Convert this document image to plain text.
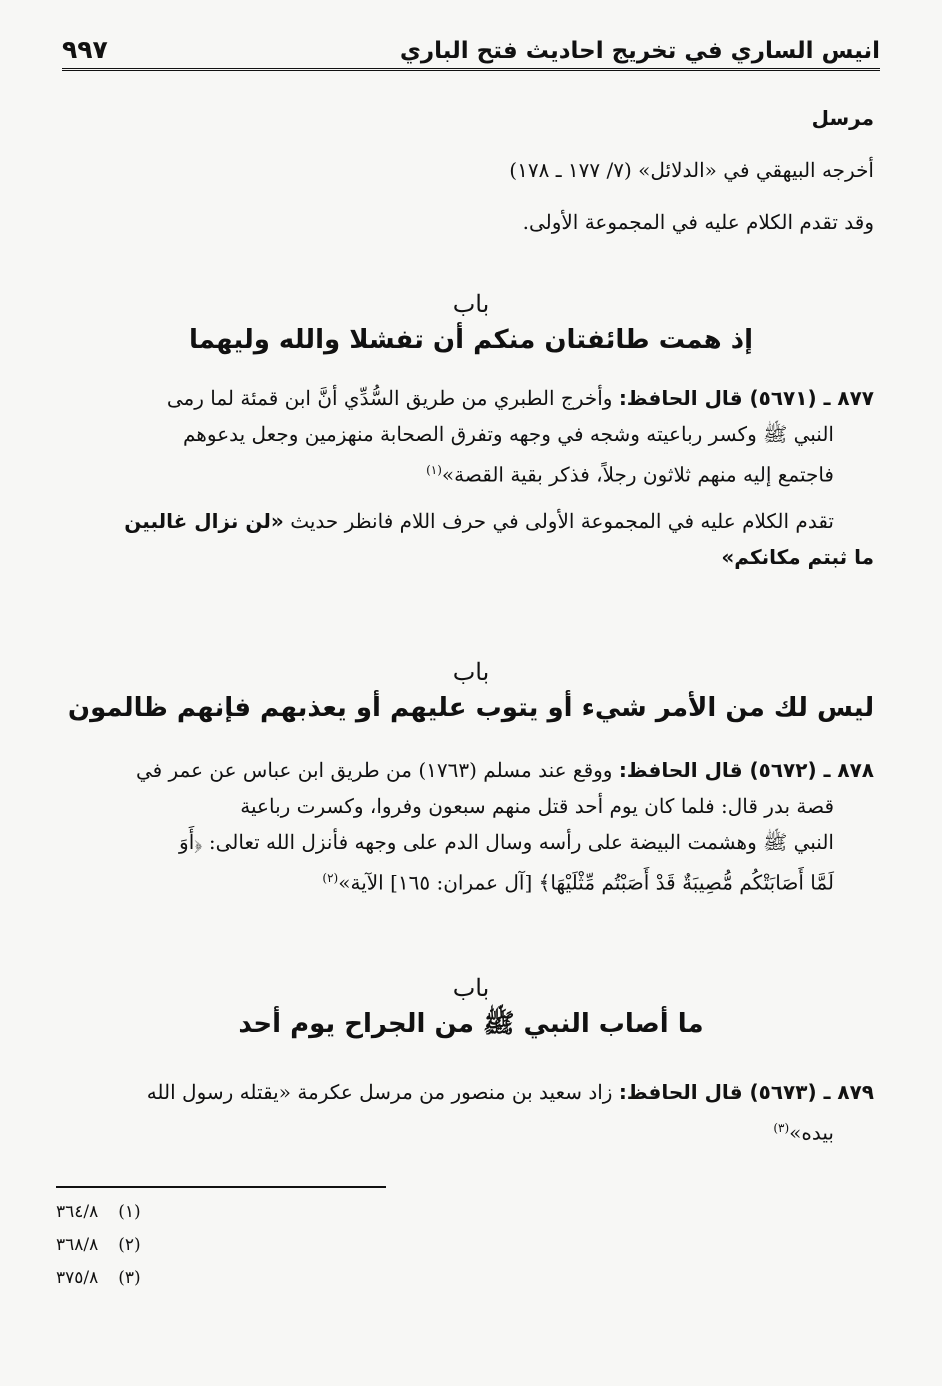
انيس الساري في تخريج احاديث فتح الباري
٩٩٧
مرسل
أخرجه البيهقي في «الدلائل» (٧/ ١٧٧ ـ ١٧٨)
وقد تقدم الكلام عليه في المجموعة الأولى.
باب
إذ همت طائفتان منكم أن تفشلا والله وليهما
٨٧٧ ـ (٥٦٧١) قال الحافظ: وأخرج الطبري من طريق السُّدِّي أنَّ ابن قمئة لما رمى
النبي ﷺ وكسر رباعيته وشجه في وجهه وتفرق الصحابة منهزمين وجعل يدعوهم
فاجتمع إليه منهم ثلاثون رجلاً، فذكر بقية القصة»$^{(١)}$
تقدم الكلام عليه في المجموعة الأولى في حرف اللام فانظر حديث «لن نزال غالبين
ما ثبتم مكانكم»
باب
ليس لك من الأمر شيء أو يتوب عليهم أو يعذبهم فإنهم ظالمون
٨٧٨ ـ (٥٦٧٢) قال الحافظ: ووقع عند مسلم (١٧٦٣) من طريق ابن عباس عن عمر في
قصة بدر قال: فلما كان يوم أحد قتل منهم سبعون وفروا، وكسرت رباعية
النبي ﷺ وهشمت البيضة على رأسه وسال الدم على وجهه فأنزل الله تعالى: ﴿أَوَ
لَمَّا أَصَابَتْكُم مُّصِيبَةٌ قَدْ أَصَبْتُم مِّثْلَيْهَا﴾ [آل عمران: ١٦٥] الآية»$^{(٢)}$
باب
ما أصاب النبي ﷺ من الجراح يوم أحد
٨٧٩ ـ (٥٦٧٣) قال الحافظ: زاد سعيد بن منصور من مرسل عكرمة «يقتله رسول الله
بيده»$^{(٣)}$
(١)
٣٦٤/٨
(٢)
٣٦٨/٨
(٣)
٣٧٥/٨
